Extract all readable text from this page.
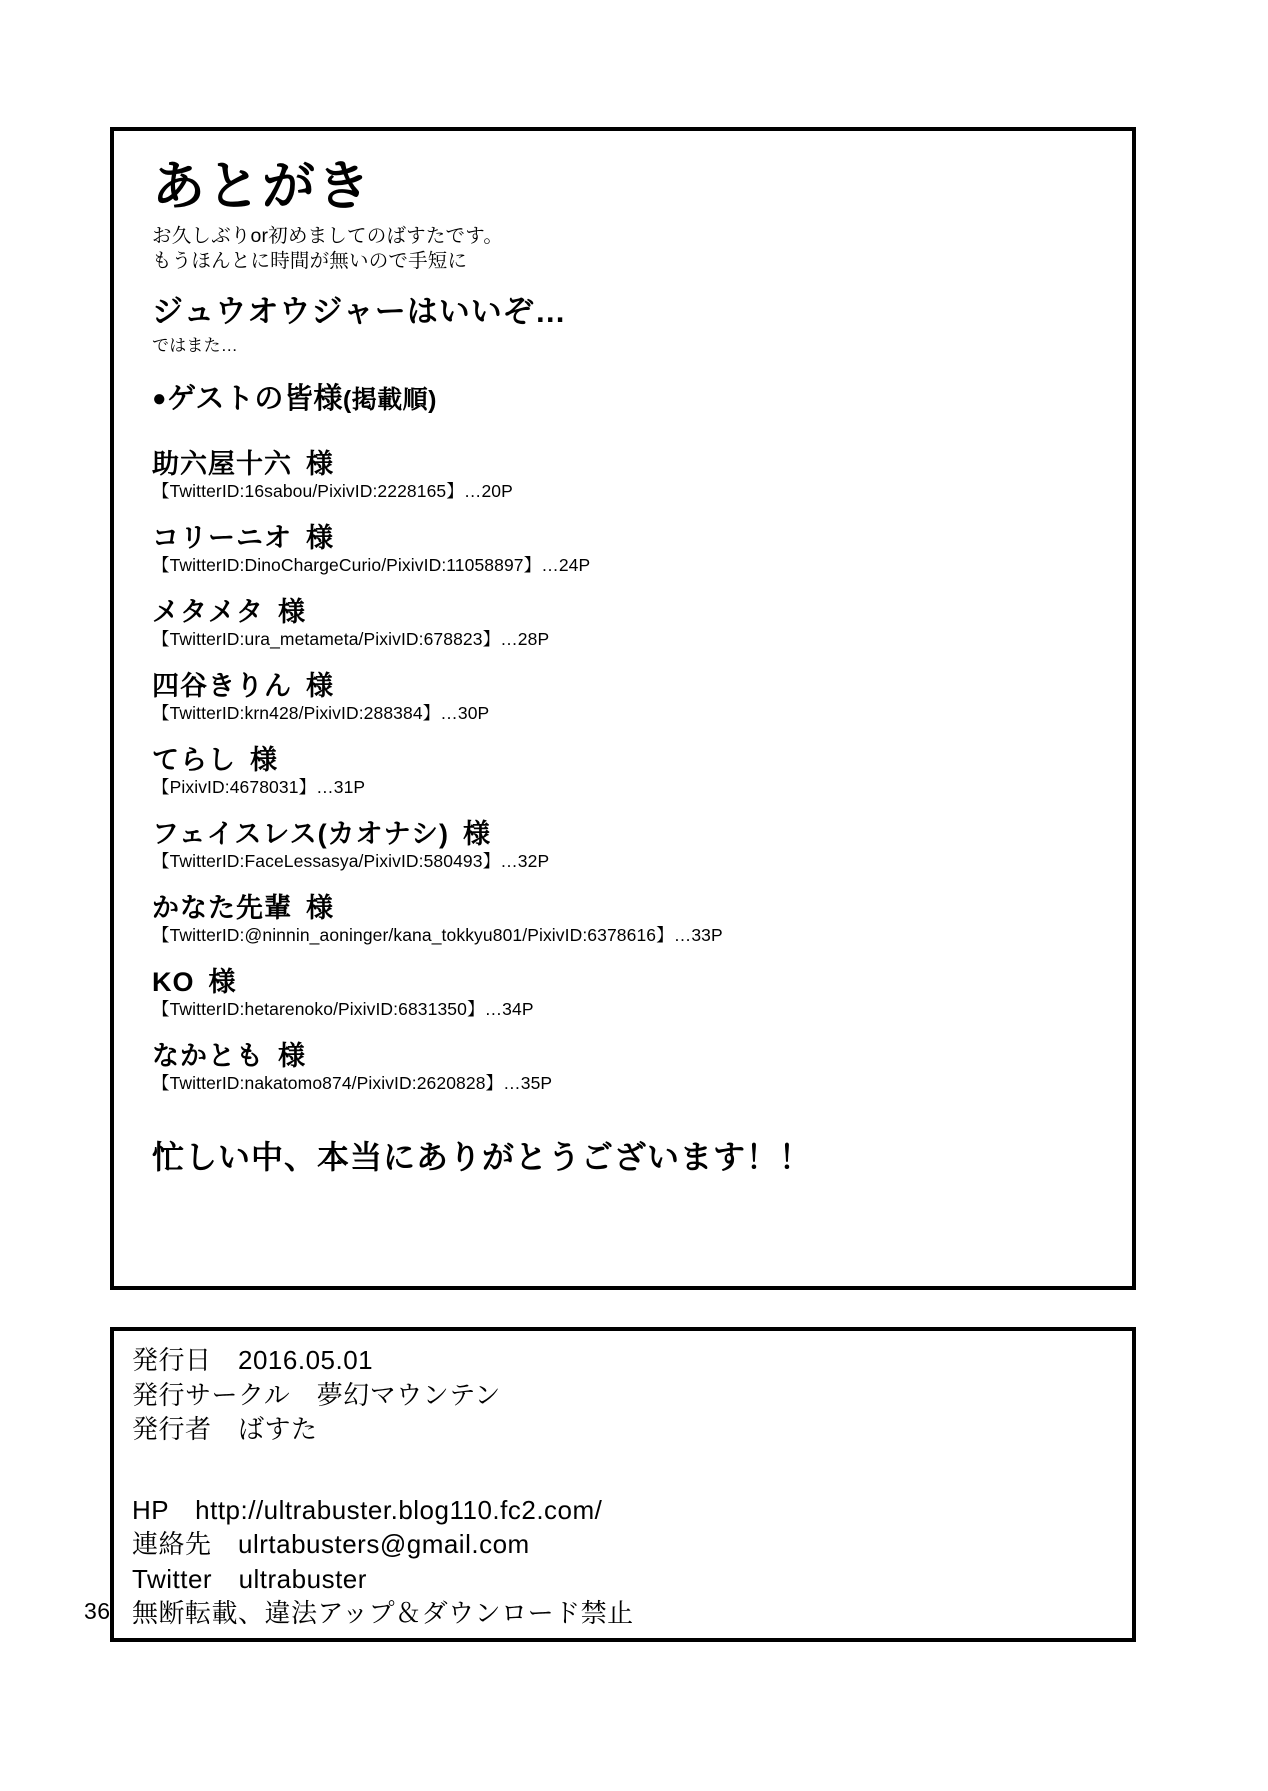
あとがき

お久しぶりor初めましてのばすたです。

もうほんとに時間が無いので手短に

ジュウオウジャーはいいぞ…

ではまた…

●ゲストの皆様(掲載順)

助六屋十六 様

【TwitterID:16sabou/PixivID:2228165】…20P

コリーニオ 様

【TwitterID:DinoChargeCurio/PixivID:11058897】…24P

メタメタ 様

【TwitterID:ura_metameta/PixivID:678823】…28P

四谷きりん 様

【TwitterID:krn428/PixivID:288384】…30P

てらし 様

【PixivID:4678031】…31P

フェイスレス(カオナシ) 様

【TwitterID:FaceLessasya/PixivID:580493】…32P

かなた先輩 様

【TwitterID:@ninnin_aoninger/kana_tokkyu801/PixivID:6378616】…33P

KO 様

【TwitterID:hetarenoko/PixivID:6831350】…34P

なかとも 様

【TwitterID:nakatomo874/PixivID:2620828】…35P

忙しい中、本当にありがとうございます！！

発行日　2016.05.01

発行サークル　夢幻マウンテン

発行者　ばすた

HP　http://ultrabuster.blog110.fc2.com/

連絡先　ulrtabusters@gmail.com

Twitter　ultrabuster

無断転載、違法アップ＆ダウンロード禁止

36
